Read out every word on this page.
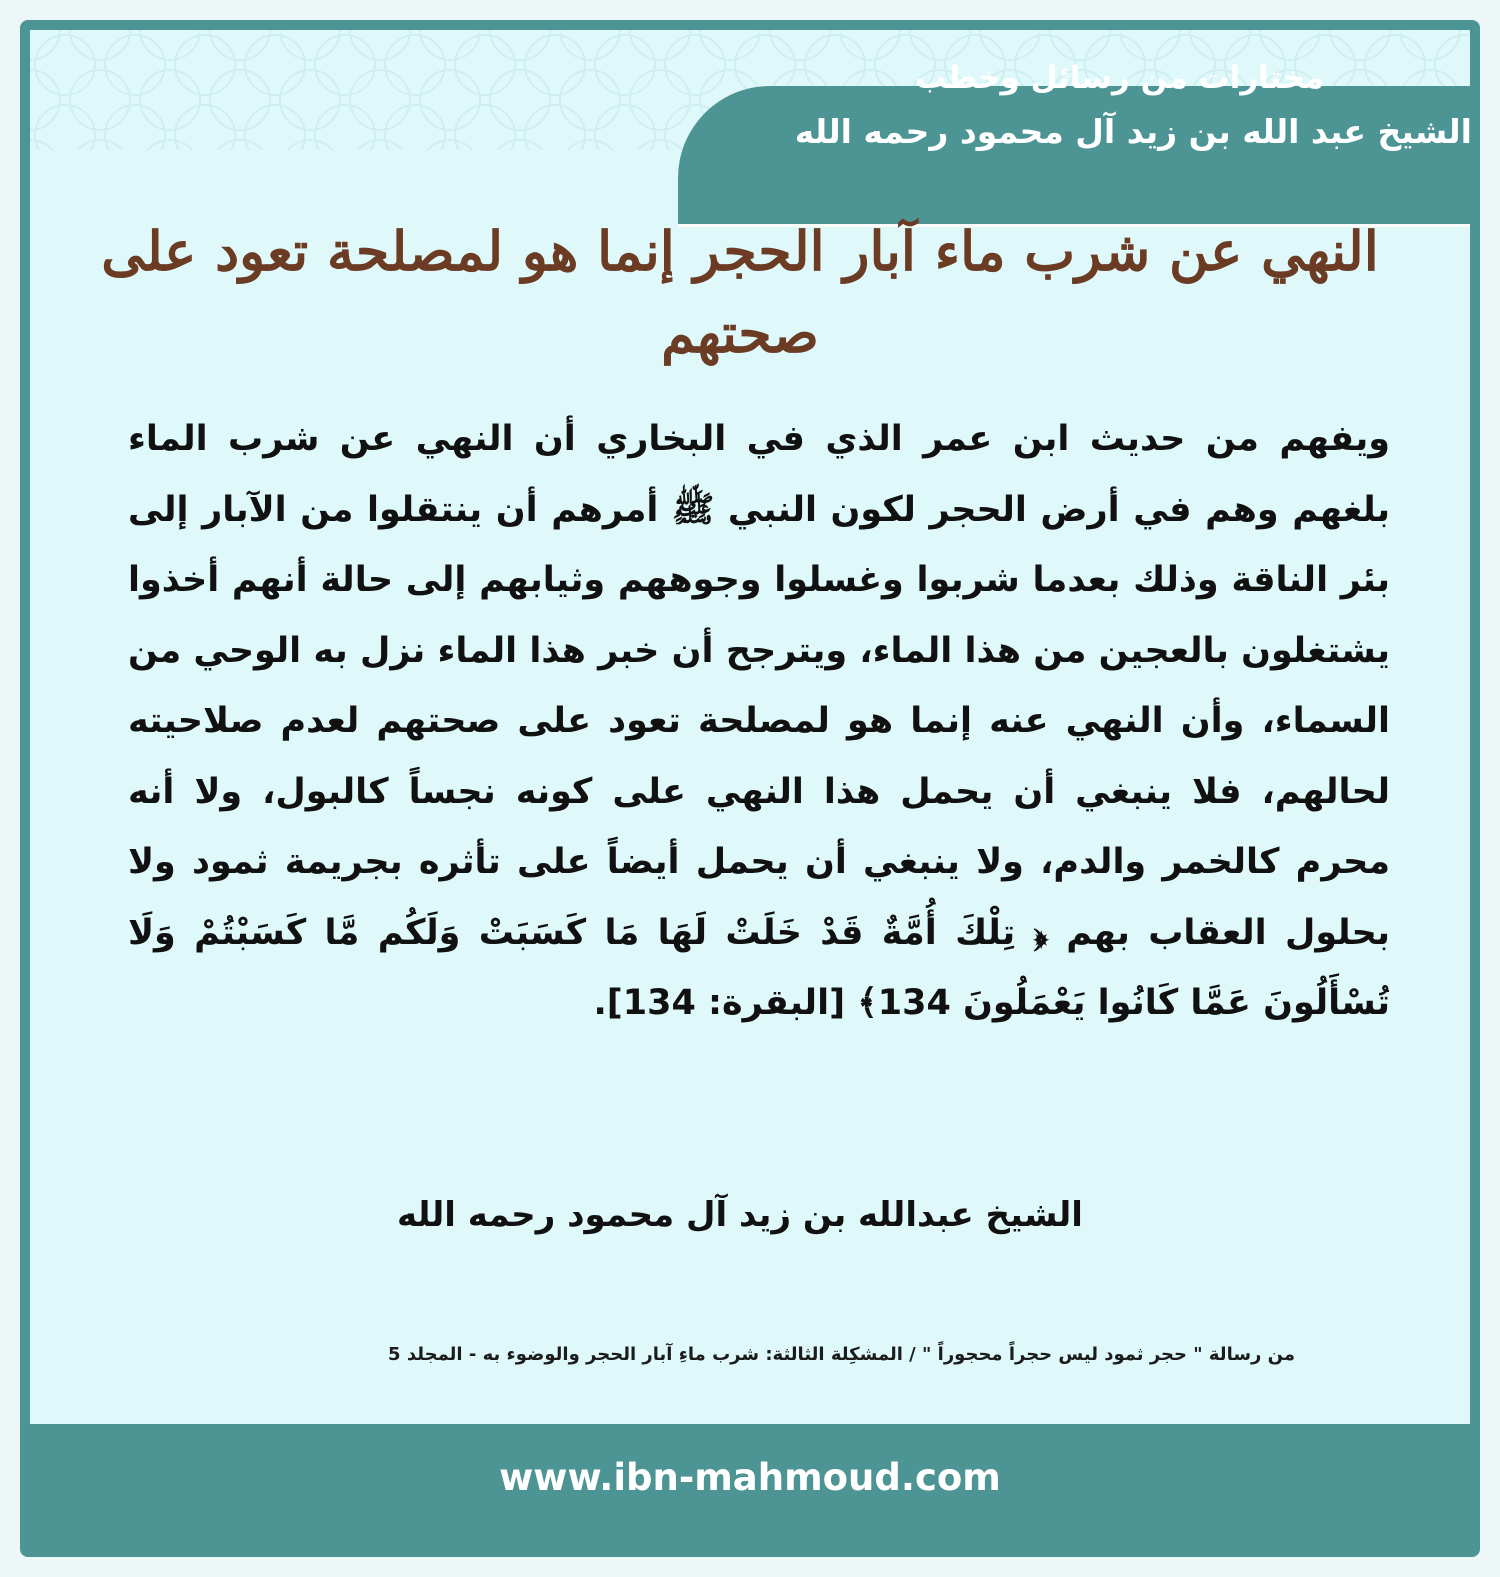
مختارات من رسائل وخطب
الشيخ عبد الله بن زيد آل محمود رحمه الله
النهي عن شرب ماء آبار الحجر إنما هو لمصلحة تعود على صحتهم
ويفهم من حديث ابن عمر الذي في البخاري أن النهي عن شرب الماء بلغهم وهم في أرض الحجر لكون النبي ﷺ أمرهم أن ينتقلوا من الآبار إلى بئر الناقة وذلك بعدما شربوا وغسلوا وجوههم وثيابهم إلى حالة أنهم أخذوا يشتغلون بالعجين من هذا الماء، ويترجح أن خبر هذا الماء نزل به الوحي من السماء، وأن النهي عنه إنما هو لمصلحة تعود على صحتهم لعدم صلاحيته لحالهم، فلا ينبغي أن يحمل هذا النهي على كونه نجساً كالبول، ولا أنه محرم كالخمر والدم، ولا ينبغي أن يحمل أيضاً على تأثره بجريمة ثمود ولا بحلول العقاب بهم ﴿ تِلْكَ أُمَّةٌ قَدْ خَلَتْ لَهَا مَا كَسَبَتْ وَلَكُم مَّا كَسَبْتُمْ وَلَا تُسْأَلُونَ عَمَّا كَانُوا يَعْمَلُونَ 134﴾ [البقرة: 134].
الشيخ عبدالله بن زيد آل محمود رحمه الله
من رسالة " حجر ثمود ليس حجراً محجوراً " / المشكِلة الثالثة: شرب ماءِ آبار الحجر والوضوء به - المجلد 5
www.ibn-mahmoud.com
